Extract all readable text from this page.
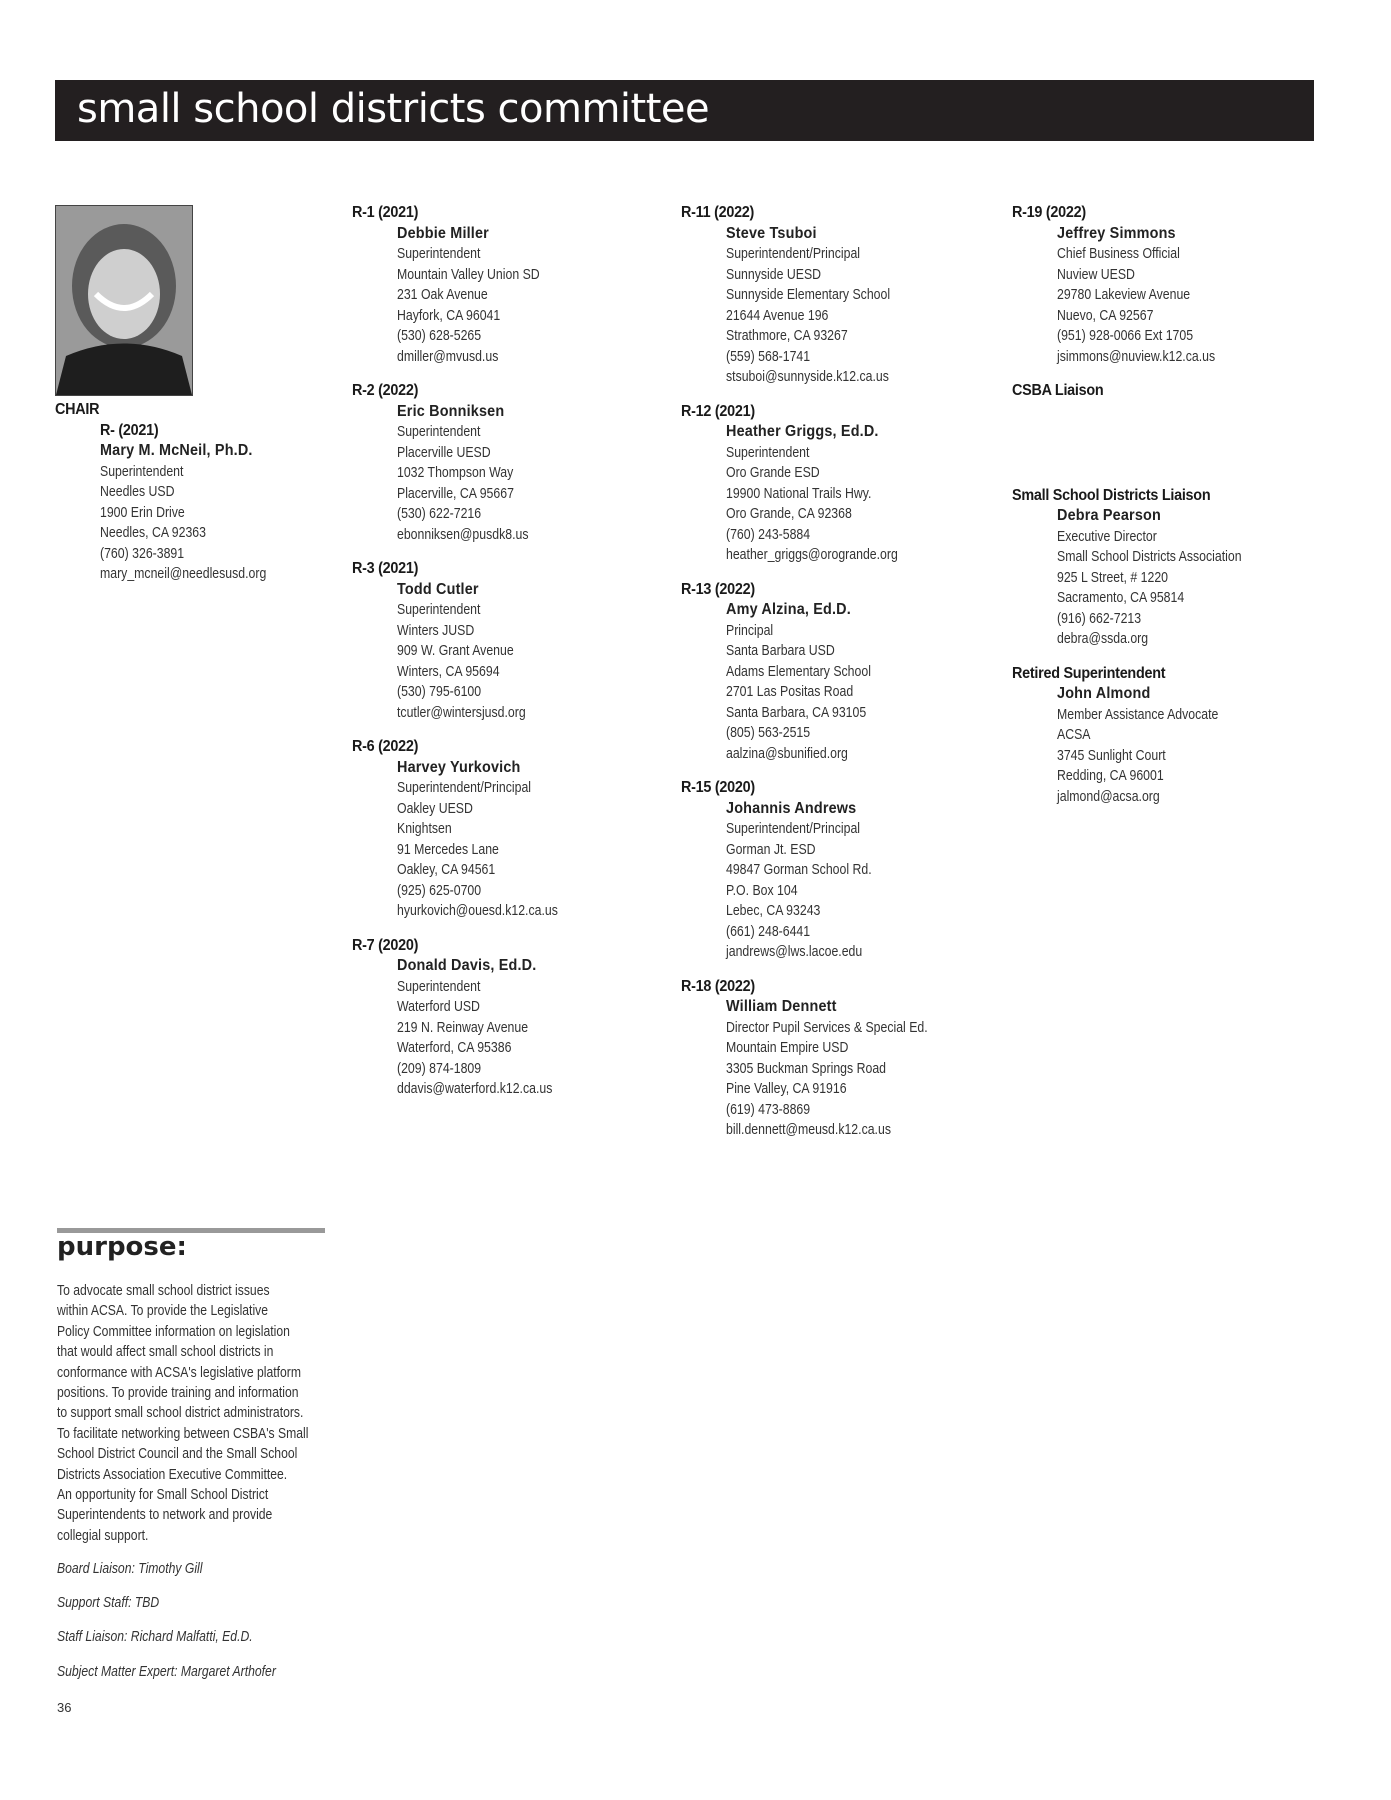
small school districts committee
CHAIR
R- (2021)
Mary M. McNeil, Ph.D.
Superintendent
Needles USD
1900 Erin Drive
Needles, CA 92363
(760) 326-3891
mary_mcneil@needlesusd.org
R-1 (2021)
Debbie Miller
Superintendent
Mountain Valley Union SD
231 Oak Avenue
Hayfork, CA 96041
(530) 628-5265
dmiller@mvusd.us
R-2 (2022)
Eric Bonniksen
Superintendent
Placerville UESD
1032 Thompson Way
Placerville, CA 95667
(530) 622-7216
ebonniksen@pusdk8.us
R-3 (2021)
Todd Cutler
Superintendent
Winters JUSD
909 W. Grant Avenue
Winters, CA 95694
(530) 795-6100
tcutler@wintersjusd.org
R-6 (2022)
Harvey Yurkovich
Superintendent/Principal
Oakley UESD
Knightsen
91 Mercedes Lane
Oakley, CA 94561
(925) 625-0700
hyurkovich@ouesd.k12.ca.us
R-7 (2020)
Donald Davis, Ed.D.
Superintendent
Waterford USD
219 N. Reinway Avenue
Waterford, CA 95386
(209) 874-1809
ddavis@waterford.k12.ca.us
R-11 (2022)
Steve Tsuboi
Superintendent/Principal
Sunnyside UESD
Sunnyside Elementary School
21644 Avenue 196
Strathmore, CA 93267
(559) 568-1741
stsuboi@sunnyside.k12.ca.us
R-12 (2021)
Heather Griggs, Ed.D.
Superintendent
Oro Grande ESD
19900 National Trails Hwy.
Oro Grande, CA 92368
(760) 243-5884
heather_griggs@orogrande.org
R-13 (2022)
Amy Alzina, Ed.D.
Principal
Santa Barbara USD
Adams Elementary School
2701 Las Positas Road
Santa Barbara, CA 93105
(805) 563-2515
aalzina@sbunified.org
R-15 (2020)
Johannis Andrews
Superintendent/Principal
Gorman Jt. ESD
49847 Gorman School Rd.
P.O. Box 104
Lebec, CA 93243
(661) 248-6441
jandrews@lws.lacoe.edu
R-18 (2022)
William Dennett
Director Pupil Services & Special Ed.
Mountain Empire USD
3305 Buckman Springs Road
Pine Valley, CA 91916
(619) 473-8869
bill.dennett@meusd.k12.ca.us
R-19 (2022)
Jeffrey Simmons
Chief Business Official
Nuview UESD
29780 Lakeview Avenue
Nuevo, CA 92567
(951) 928-0066 Ext 1705
jsimmons@nuview.k12.ca.us
CSBA Liaison
Small School Districts Liaison
Debra Pearson
Executive Director
Small School Districts Association
925 L Street, # 1220
Sacramento, CA 95814
(916) 662-7213
debra@ssda.org
Retired Superintendent
John Almond
Member Assistance Advocate
ACSA
3745 Sunlight Court
Redding, CA 96001
jalmond@acsa.org
purpose:
To advocate small school district issues
within ACSA. To provide the Legislative
Policy Committee information on legislation
that would affect small school districts in
conformance with ACSA's legislative platform
positions. To provide training and information
to support small school district administrators.
To facilitate networking between CSBA's Small
School District Council and the Small School
Districts Association Executive Committee.
An opportunity for Small School District
Superintendents to network and provide
collegial support.
Board Liaison: Timothy Gill
Support Staff: TBD
Staff Liaison: Richard Malfatti, Ed.D.
Subject Matter Expert: Margaret Arthofer
36
